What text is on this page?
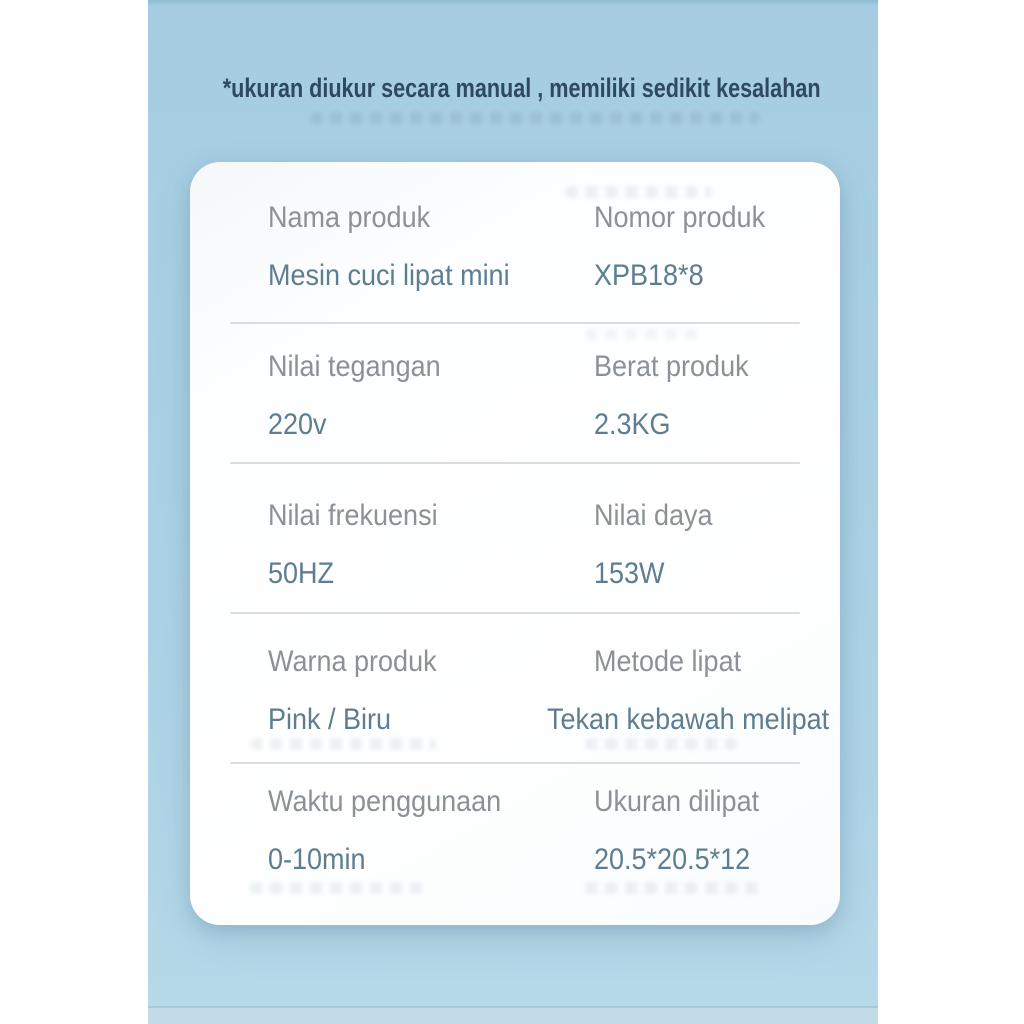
*ukuran diukur secara manual , memiliki sedikit kesalahan
Nama produk	Nomor produk
Mesin cuci lipat mini	XPB18*8
Nilai tegangan	Berat produk
220v	2.3KG
Nilai frekuensi	Nilai daya
50HZ	153W
Warna produk	Metode lipat
Pink / Biru	Tekan kebawah melipat
Waktu penggunaan	Ukuran dilipat
0-10min	20.5*20.5*12
